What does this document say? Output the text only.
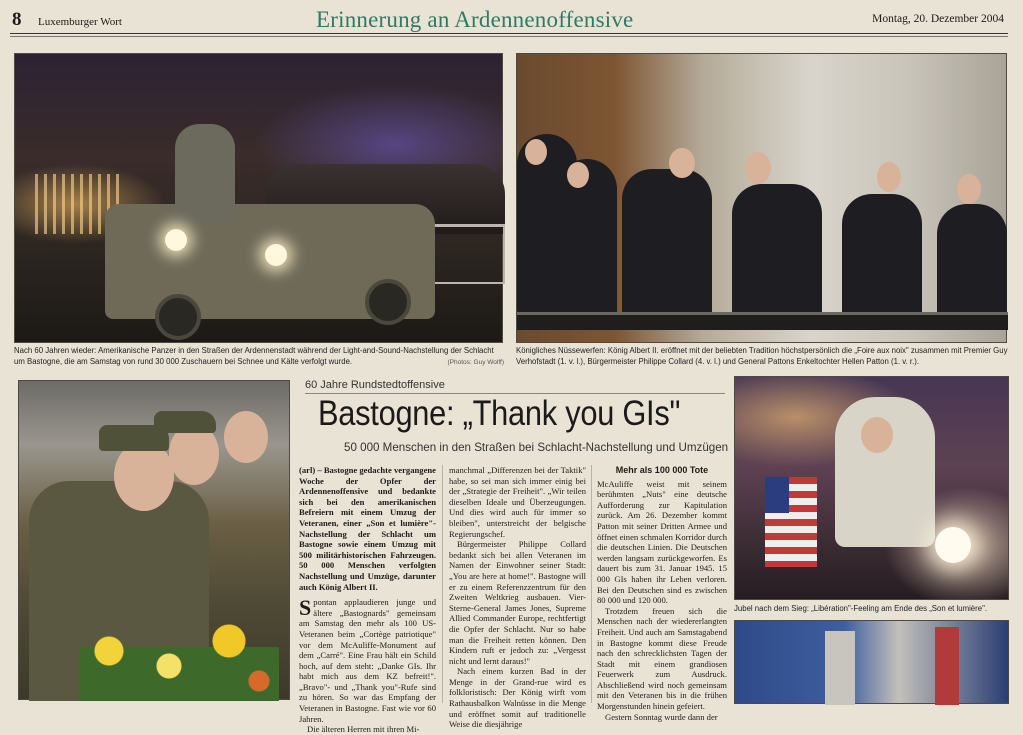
8 Luxemburger Wort	Erinnerung an Ardennenoffensive	Montag, 20. Dezember 2004
Nach 60 Jahren wieder: Amerikanische Panzer in den Straßen der Ardennenstadt während der Light-and-Sound-Nachstellung der Schlacht um Bastogne, die am Samstag von rund 30 000 Zuschauern bei Schnee und Kälte verfolgt wurde.	(Photos: Guy Wolff)
Königliches Nüssewerfen: König Albert II. eröffnet mit der beliebten Tradition höchstpersönlich die „Foire aux noix" zusammen mit Premier Guy Verhofstadt (1. v. l.), Bürgermeister Philippe Collard (4. v. l.) und General Pattons Enkeltochter Hellen Patton (1. v. r.).
60 Jahre Rundstedtoffensive
Bastogne: „Thank you GIs"
50 000 Menschen in den Straßen bei Schlacht-Nachstellung und Umzügen

(arl) – Bastogne gedachte vergangene Woche der Opfer der Ardennenoffensive und bedankte sich bei den amerikanischen Befreiern mit einem Umzug der Veteranen, einer „Son et lumière"-Nachstellung der Schlacht um Bastogne sowie einem Umzug mit 500 militärhistorischen Fahrzeugen. 50 000 Menschen verfolgten Nachstellung und Umzüge, darunter auch König Albert II.

Spontan applaudieren junge und ältere „Bastognards" gemeinsam am Samstag den mehr als 100 US-Veteranen beim „Cortège patriotique" vor dem McAuliffe-Monument auf dem „Carré". Eine Frau hält ein Schild hoch, auf dem steht: „Danke GIs. Ihr habt mich aus dem KZ befreit!". „Bravo"- und „Thank you"-Rufe sind zu hören. So war das Empfang der Veteranen in Bastogne. Fast wie vor 60 Jahren.

Die älteren Herren mit ihren Mi-

manchmal „Differenzen bei der Taktik" habe, so sei man sich immer einig bei der „Strategie der Freiheit". „Wir teilen dieselben Ideale und Überzeugungen. Und dies wird auch für immer so bleiben", unterstreicht der belgische Regierungschef.

Bürgermeister Philippe Collard bedankt sich bei allen Veteranen im Namen der Einwohner seiner Stadt: „You are here at home!". Bastogne will er zu einem Referenzzentrum für den Zweiten Weltkrieg ausbauen. Vier-Sterne-General James Jones, Supreme Allied Commander Europe, rechtfertigt die Opfer der Schlacht. Nur so habe man die Freiheit retten können. Den Kindern ruft er jedoch zu: „Vergesst nicht und lernt daraus!"

Nach einem kurzen Bad in der Menge in der Grand-rue wird es folkloristisch: Der König wirft vom Rathausbalkon Walnüsse in die Menge und eröffnet somit auf traditionelle Weise die diesjährige

Mehr als 100 000 Tote

McAuliffe weist mit seinem berühmten „Nuts" eine deutsche Aufforderung zur Kapitulation zurück. Am 26. Dezember kommt Patton mit seiner Dritten Armee und öffnet einen schmalen Korridor durch die deutschen Linien. Die Deutschen werden langsam zurückgeworfen. Es dauert bis zum 31. Januar 1945. 15 000 GIs haben ihr Leben verloren. Bei den Deutschen sind es zwischen 80 000 und 120 000.

Trotzdem freuen sich die Menschen nach der wiedererlangten Freiheit. Und auch am Samstagabend in Bastogne kommt diese Freude nach den schrecklichsten Tagen der Stadt mit einem grandiosen Feuerwerk zum Ausdruck. Abschließend wird noch gemeinsam mit den Veteranen bis in die frühen Morgenstunden hinein gefeiert.

Gestern Sonntag wurde dann der

Jubel nach dem Sieg: „Libération"-Feeling am Ende des „Son et lumière".
